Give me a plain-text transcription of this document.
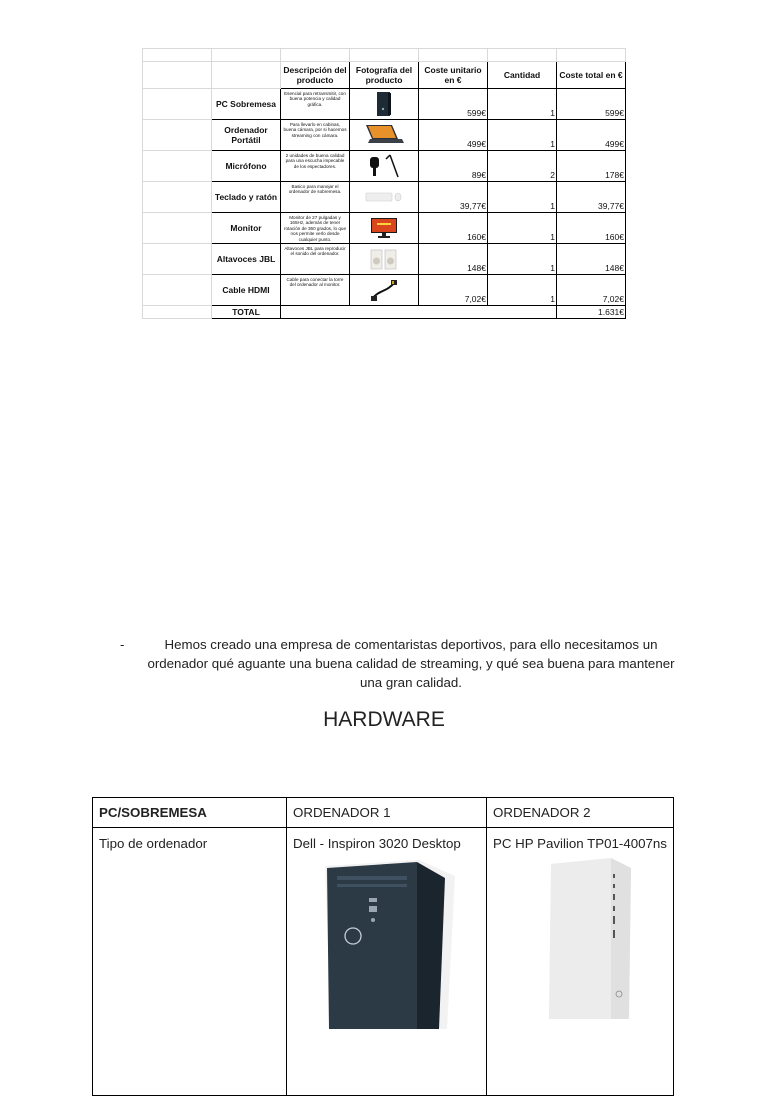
		Descripción del producto	Fotografía del producto	Coste unitario en €	Cantidad	Coste total en €
	PC Sobremesa	Esencial para retransmitir, con buena potencia y calidad gráfica.		599€	1	599€
	Ordenador Portátil	Para llevarlo en cabinas, buena cámara, por si hacemos streaming con cámara.		499€	1	499€
	Micrófono	2 unidades de buena calidad para una escucha impecable de los espectadores.		89€	2	178€
	Teclado y ratón	Basico para manejar el ordenador de sobremesa.		39,77€	1	39,77€
	Monitor	Monitor de 27 pulgadas y 165Hz, además de tener rotación de 360 grados, lo que nos permite verlo desde cualquier punto.		160€	1	160€
	Altavoces JBL	Altavoces JBL para reproducir el sonido del ordenador.		148€	1	148€
	Cable HDMI	Cable para conectar la torre del ordenador al monitor.		7,02€	1	7,02€
	TOTAL					1.631€
-	Hemos creado una empresa de comentaristas deportivos, para ello necesitamos un ordenador qué aguante una buena calidad de streaming, y qué sea buena para mantener una gran calidad.
HARDWARE
PC/SOBREMESA	ORDENADOR 1	ORDENADOR 2
Tipo de ordenador	Dell - Inspiron 3020 Desktop	PC HP Pavilion TP01-4007ns
